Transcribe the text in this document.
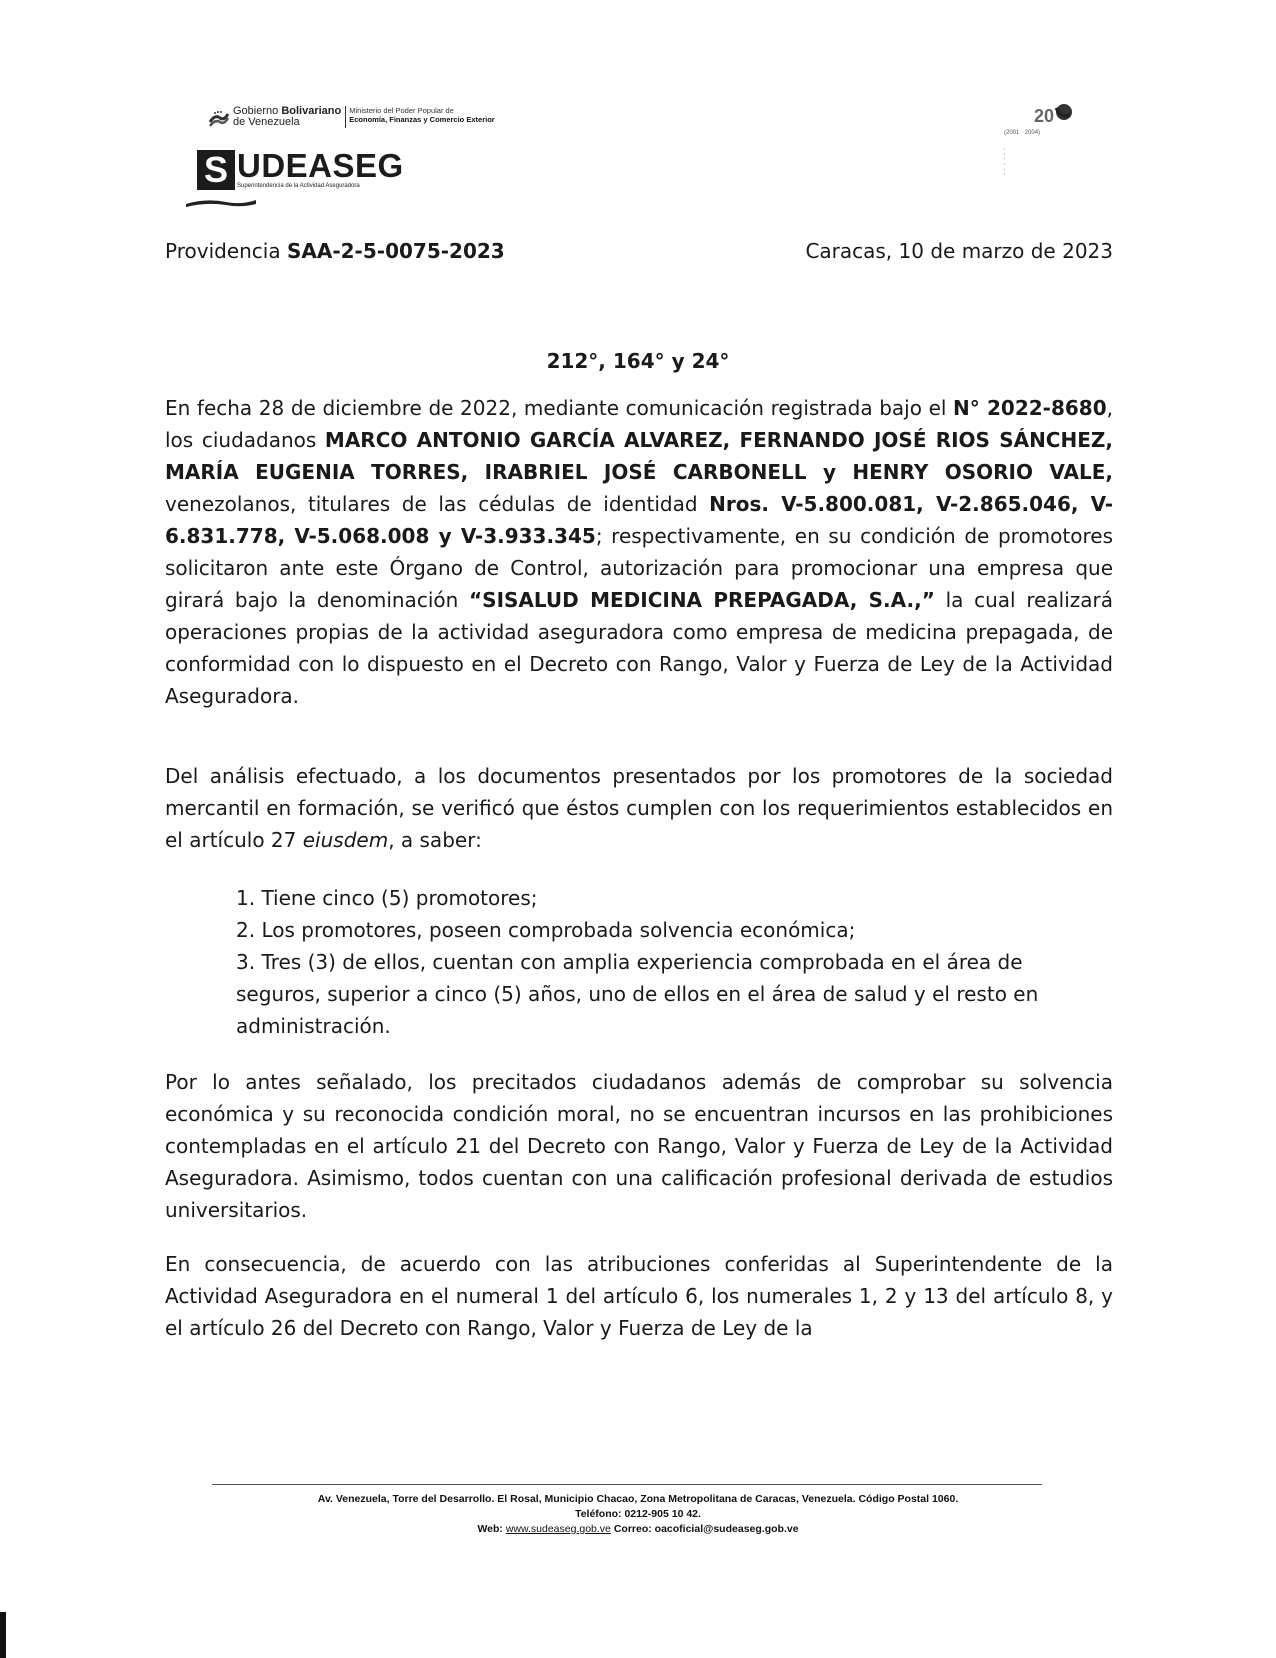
Gobierno Bolivariano
de Venezuela
Ministerio del Poder Popular de
Economía, Finanzas y Comercio Exterior
S UDEASEG
Superintendencia de la Actividad Aseguradora
20
(2001 · 2004)
Providencia SAA-2-5-0075-2023	Caracas, 10 de marzo de 2023
212°, 164° y 24°

En fecha 28 de diciembre de 2022, mediante comunicación registrada bajo el N° 2022-8680, los ciudadanos MARCO ANTONIO GARCÍA ALVAREZ, FERNANDO JOSÉ RIOS SÁNCHEZ, MARÍA EUGENIA TORRES, IRABRIEL JOSÉ CARBONELL y HENRY OSORIO VALE, venezolanos, titulares de las cédulas de identidad Nros. V-5.800.081, V-2.865.046, V-6.831.778, V-5.068.008 y V-3.933.345; respectivamente, en su condición de promotores solicitaron ante este Órgano de Control, autorización para promocionar una empresa que girará bajo la denominación “SISALUD MEDICINA PREPAGADA, S.A.,” la cual realizará operaciones propias de la actividad aseguradora como empresa de medicina prepagada, de conformidad con lo dispuesto en el Decreto con Rango, Valor y Fuerza de Ley de la Actividad Aseguradora.

Del análisis efectuado, a los documentos presentados por los promotores de la sociedad mercantil en formación, se verificó que éstos cumplen con los requerimientos establecidos en el artículo 27 eiusdem, a saber:

1. Tiene cinco (5) promotores;
2. Los promotores, poseen comprobada solvencia económica;
3. Tres (3) de ellos, cuentan con amplia experiencia comprobada en el área de seguros, superior a cinco (5) años, uno de ellos en el área de salud y el resto en administración.

Por lo antes señalado, los precitados ciudadanos además de comprobar su solvencia económica y su reconocida condición moral, no se encuentran incursos en las prohibiciones contempladas en el artículo 21 del Decreto con Rango, Valor y Fuerza de Ley de la Actividad Aseguradora. Asimismo, todos cuentan con una calificación profesional derivada de estudios universitarios.

En consecuencia, de acuerdo con las atribuciones conferidas al Superintendente de la Actividad Aseguradora en el numeral 1 del artículo 6, los numerales 1, 2 y 13 del artículo 8, y el artículo 26 del Decreto con Rango, Valor y Fuerza de Ley de la

Av. Venezuela, Torre del Desarrollo. El Rosal, Municipio Chacao, Zona Metropolitana de Caracas, Venezuela. Código Postal 1060.
Teléfono: 0212-905 10 42.
Web: www.sudeaseg.gob.ve Correo: oacoficial@sudeaseg.gob.ve
